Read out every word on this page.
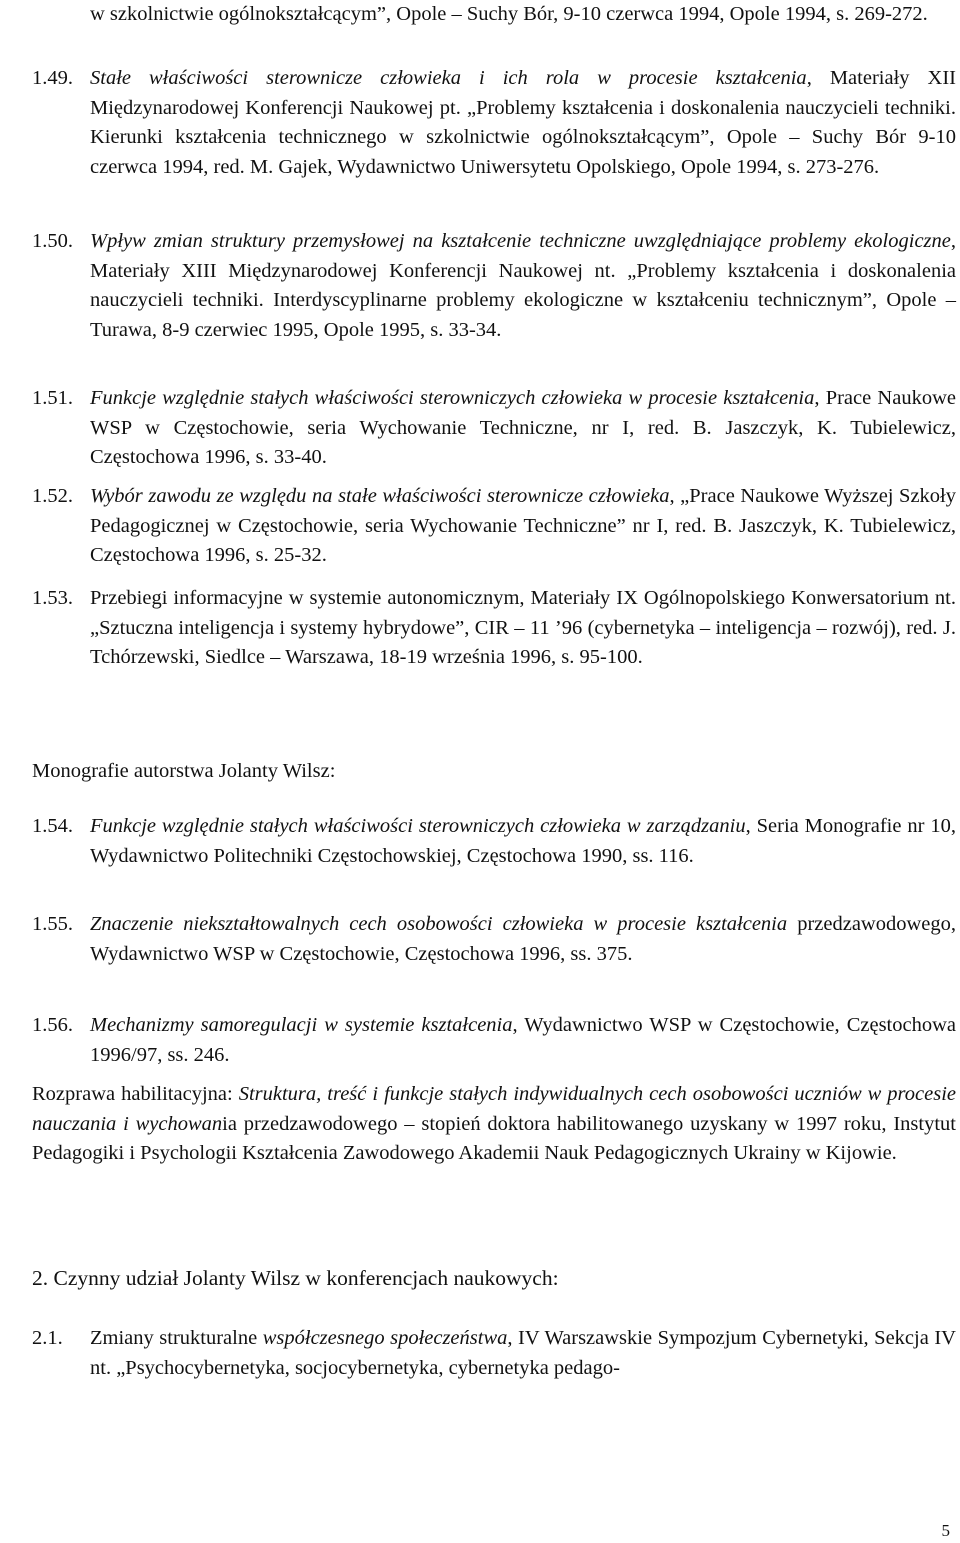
w szkolnictwie ogólnokształcącym”, Opole – Suchy Bór, 9-10 czerwca 1994, Opole 1994, s. 269-272.
1.49. Stałe właściwości sterownicze człowieka i ich rola w procesie kształcenia, Materiały XII Międzynarodowej Konferencji Naukowej pt. „Problemy kształcenia i doskonalenia nauczycieli techniki. Kierunki kształcenia technicznego w szkolnictwie ogólnokształcącym”, Opole – Suchy Bór 9-10 czerwca 1994, red. M. Gajek, Wydawnictwo Uniwersytetu Opolskiego, Opole 1994, s. 273-276.
1.50. Wpływ zmian struktury przemysłowej na kształcenie techniczne uwzględniające problemy ekologiczne, Materiały XIII Międzynarodowej Konferencji Naukowej nt. „Problemy kształcenia i doskonalenia nauczycieli techniki. Interdyscyplinarne problemy ekologiczne w kształceniu technicznym”, Opole – Turawa, 8-9 czerwiec 1995, Opole 1995, s. 33-34.
1.51. Funkcje względnie stałych właściwości sterowniczych człowieka w procesie kształcenia, Prace Naukowe WSP w Częstochowie, seria Wychowanie Techniczne, nr I, red. B. Jaszczyk, K. Tubielewicz, Częstochowa 1996, s. 33-40.
1.52. Wybór zawodu ze względu na stałe właściwości sterownicze człowieka, „Prace Naukowe Wyższej Szkoły Pedagogicznej w Częstochowie, seria Wychowanie Techniczne” nr I, red. B. Jaszczyk, K. Tubielewicz, Częstochowa 1996, s. 25-32.
1.53. Przebiegi informacyjne w systemie autonomicznym, Materiały IX Ogólnopolskiego Konwersatorium nt. „Sztuczna inteligencja i systemy hybrydowe”, CIR – 11 ’96 (cybernetyka – inteligencja – rozwój), red. J. Tchórzewski, Siedlce – Warszawa, 18-19 września 1996, s. 95-100.
Monografie autorstwa Jolanty Wilsz:
1.54. Funkcje względnie stałych właściwości sterowniczych człowieka w zarządzaniu, Seria Monografie nr 10, Wydawnictwo Politechniki Częstochowskiej, Częstochowa 1990, ss. 116.
1.55. Znaczenie niekształtowalnych cech osobowości człowieka w procesie kształcenia przedzawodowego, Wydawnictwo WSP w Częstochowie, Częstochowa 1996, ss. 375.
1.56. Mechanizmy samoregulacji w systemie kształcenia, Wydawnictwo WSP w Częstochowie, Częstochowa 1996/97, ss. 246.
Rozprawa habilitacyjna: Struktura, treść i funkcje stałych indywidualnych cech osobowości uczniów w procesie nauczania i wychowania przedzawodowego – stopień doktora habilitowanego uzyskany w 1997 roku, Instytut Pedagogiki i Psychologii Kształcenia Zawodowego Akademii Nauk Pedagogicznych Ukrainy w Kijowie.
2. Czynny udział Jolanty Wilsz w konferencjach naukowych:
2.1. Zmiany strukturalne współczesnego społeczeństwa, IV Warszawskie Sympozjum Cybernetyki, Sekcja IV nt. „Psychocybernetyka, socjocybernetyka, cybernetyka pedago-
5
